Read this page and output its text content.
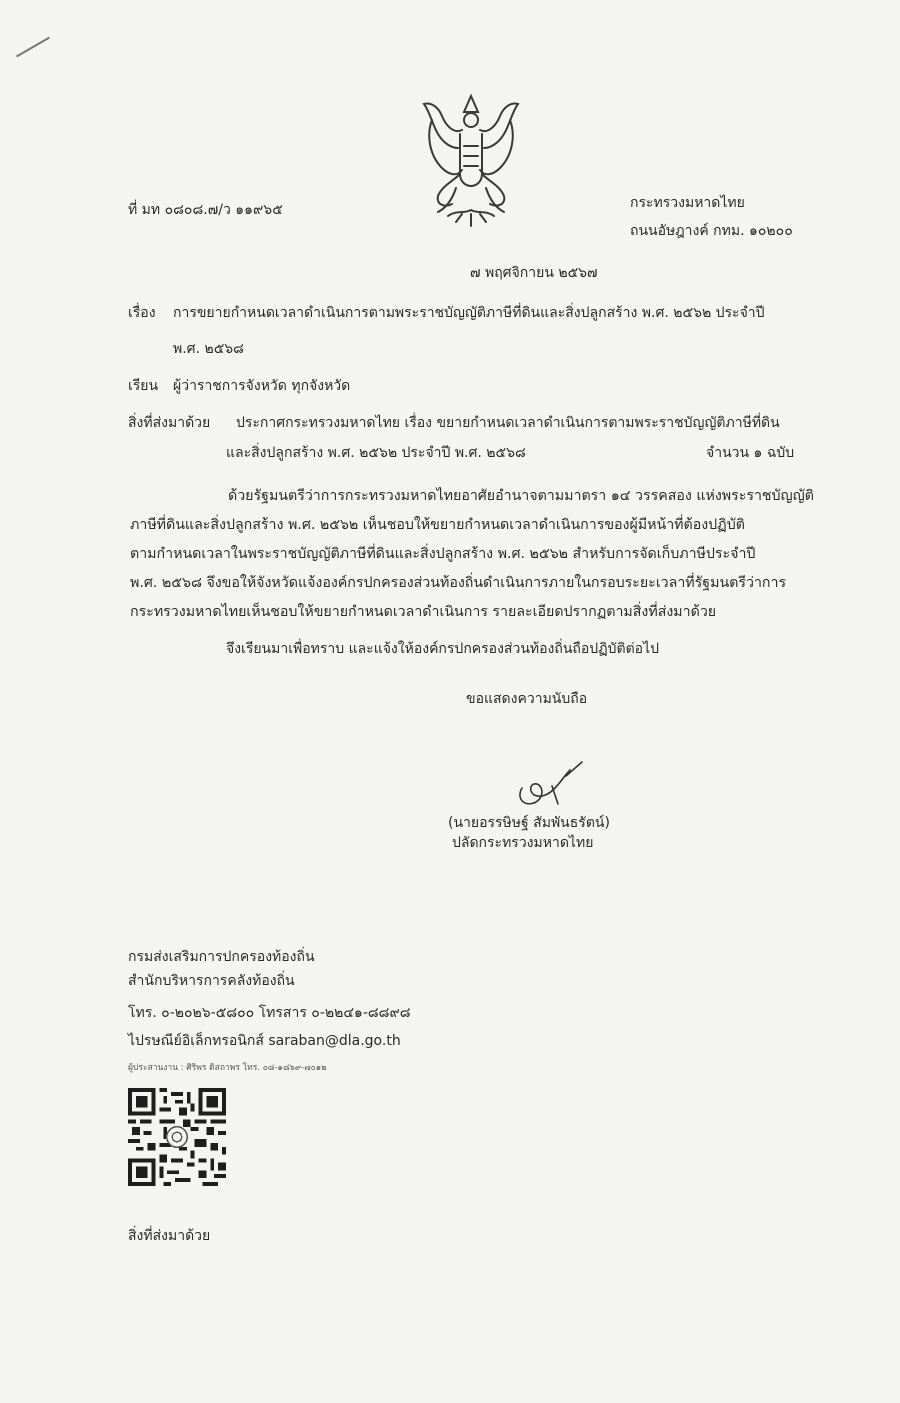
ที่ มท ๐๘๐๘.๗/ว ๑๑๙๖๕	กระทรวงมหาดไทย
ถนนอัษฎางค์ กทม. ๑๐๒๐๐
๗ พฤศจิกายน ๒๕๖๗
เรื่อง การขยายกำหนดเวลาดำเนินการตามพระราชบัญญัติภาษีที่ดินและสิ่งปลูกสร้าง พ.ศ. ๒๕๖๒ ประจำปี
พ.ศ. ๒๕๖๘
เรียน ผู้ว่าราชการจังหวัด ทุกจังหวัด
สิ่งที่ส่งมาด้วย ประกาศกระทรวงมหาดไทย เรื่อง ขยายกำหนดเวลาดำเนินการตามพระราชบัญญัติภาษีที่ดิน
และสิ่งปลูกสร้าง พ.ศ. ๒๕๖๒ ประจำปี พ.ศ. ๒๕๖๘	จำนวน ๑ ฉบับ
ด้วยรัฐมนตรีว่าการกระทรวงมหาดไทยอาศัยอำนาจตามมาตรา ๑๔ วรรคสอง แห่งพระราชบัญญัติ
ภาษีที่ดินและสิ่งปลูกสร้าง พ.ศ. ๒๕๖๒ เห็นชอบให้ขยายกำหนดเวลาดำเนินการของผู้มีหน้าที่ต้องปฏิบัติ
ตามกำหนดเวลาในพระราชบัญญัติภาษีที่ดินและสิ่งปลูกสร้าง พ.ศ. ๒๕๖๒ สำหรับการจัดเก็บภาษีประจำปี
พ.ศ. ๒๕๖๘ จึงขอให้จังหวัดแจ้งองค์กรปกครองส่วนท้องถิ่นดำเนินการภายในกรอบระยะเวลาที่รัฐมนตรีว่าการ
กระทรวงมหาดไทยเห็นชอบให้ขยายกำหนดเวลาดำเนินการ รายละเอียดปรากฏตามสิ่งที่ส่งมาด้วย
จึงเรียนมาเพื่อทราบ และแจ้งให้องค์กรปกครองส่วนท้องถิ่นถือปฏิบัติต่อไป
ขอแสดงความนับถือ
(นายอรรษิษฐ์ สัมพันธรัตน์)
ปลัดกระทรวงมหาดไทย
กรมส่งเสริมการปกครองท้องถิ่น
สำนักบริหารการคลังท้องถิ่น
โทร. ๐-๒๐๒๖-๕๘๐๐ โทรสาร ๐-๒๒๔๑-๘๘๙๘
ไปรษณีย์อิเล็กทรอนิกส์ saraban@dla.go.th
ผู้ประสานงาน : ศิริพร ดิสถาพร โทร. ๐๘-๑๘๖๙-๗๐๑๒
สิ่งที่ส่งมาด้วย
